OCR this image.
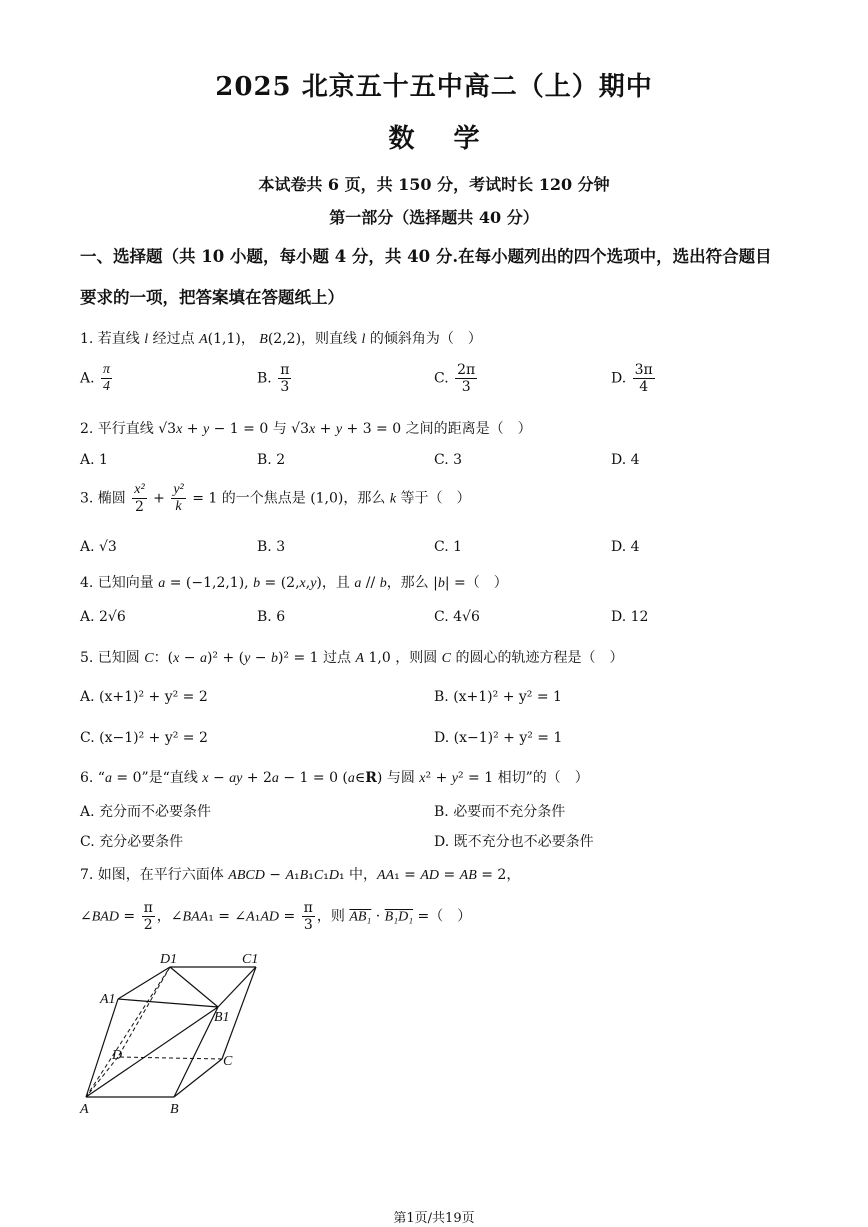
2025 北京五十五中高二（上）期中
数 学
本试卷共 6 页，共 150 分，考试时长 120 分钟
第一部分（选择题共 40 分）
一、选择题（共 10 小题，每小题 4 分，共 40 分.在每小题列出的四个选项中，选出符合题目
要求的一项，把答案填在答题纸上）
1. 若直线 l 经过点 A(1,1)， B(2,2)，则直线 l 的倾斜角为（　）
A. $\frac{\pi}{4}$	B. $\frac{\pi}{3}$	C. $\frac{2\pi}{3}$	D. $\frac{3\pi}{4}$
2. 平行直线 √3x + y − 1 = 0 与 √3x + y + 3 = 0 之间的距离是（　）
A. 1	B. 2	C. 3	D. 4
3. 椭圆 $\frac{\text{x²}}{2} + \frac{\text{y²}}{k} = 1$ 的一个焦点是 (1,0)，那么 k 等于（　）
A. √3	B. 3	C. 1	D. 4
4. 已知向量 a = (−1,2,1), b = (2,x,y)，且 a // b，那么 |b| =（　）
A. 2√6	B. 6	C. 4√6	D. 12
5. 已知圆 C：(x − a)² + (y − b)² = 1 过点 A 1,0 ，则圆 C 的圆心的轨迹方程是（　）
A. (x+1)² + y² = 2	B. (x+1)² + y² = 1
C. (x−1)² + y² = 2	D. (x−1)² + y² = 1
6. “a = 0”是“直线 x − ay + 2a − 1 = 0 (a∈R) 与圆 x² + y² = 1 相切”的（　）
A. 充分而不必要条件	B. 必要而不充分条件
C. 充分必要条件	D. 既不充分也不必要条件
7. 如图，在平行六面体 ABCD − A₁B₁C₁D₁ 中，AA₁ = AD = AB = 2，
∠BAD = $\frac{\pi}{2}$ ，∠BAA₁ = ∠A₁AD = $\frac{\pi}{3}$ ，则 AB₁ · B₁D₁ =（　）
D1	C1
A1
B1
D	C
A	B
第1页/共19页
